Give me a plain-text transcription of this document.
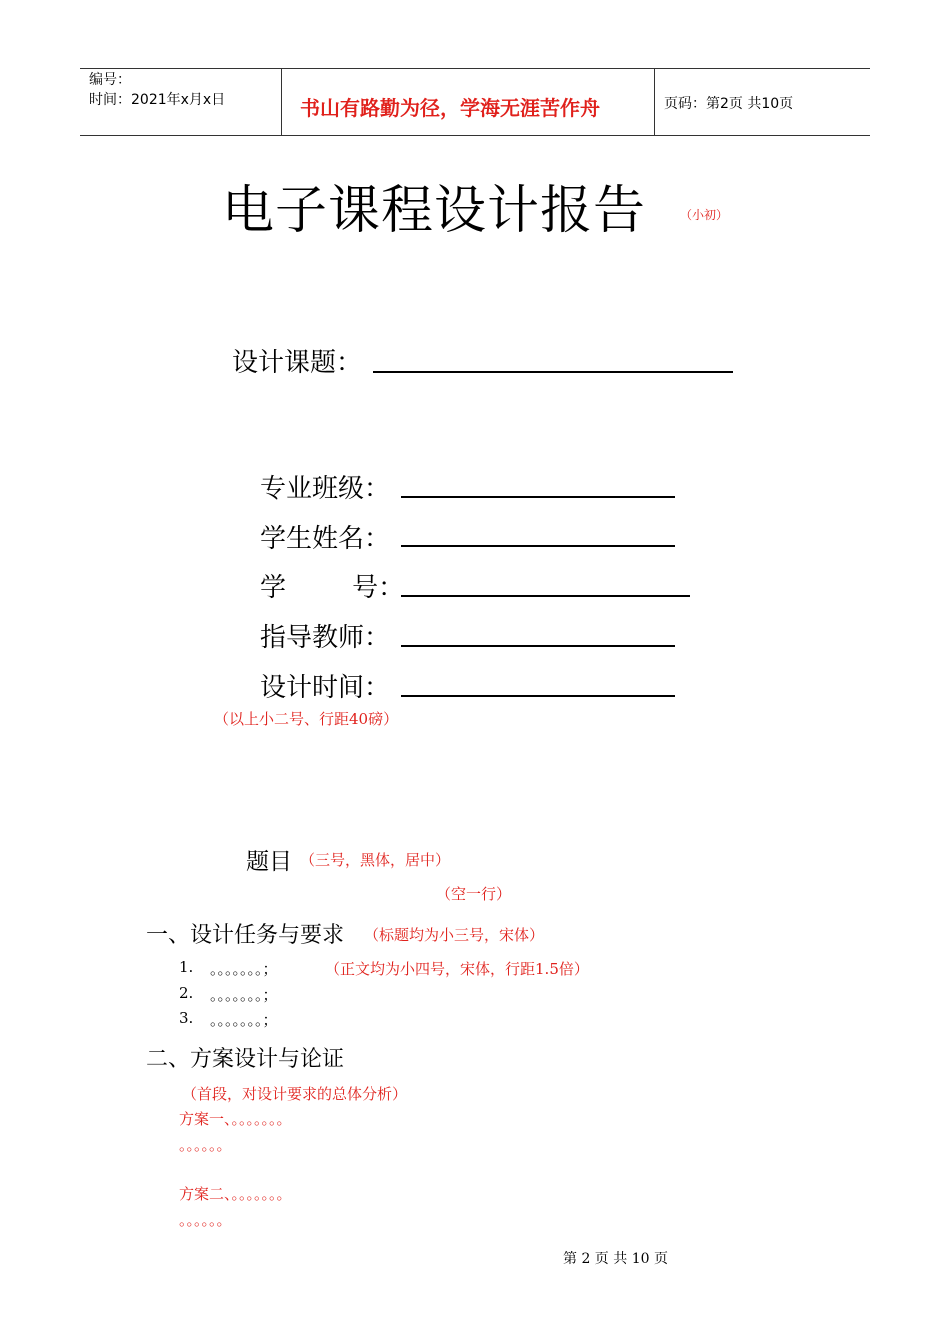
编号：
时间：2021年x月x日	书山有路勤为径，学海无涯苦作舟	页码：第2页 共10页
电子课程设计报告	（小初）
设计课题：
专业班级：
学生姓名：
学        号：
指导教师：
设计时间：
（以上小二号、行距40磅）
题目 （三号，黑体，居中）
（空一行）
一、设计任务与要求 （标题均为小三号，宋体）
1. 。。。。。。。；	（正文均为小四号，宋体，行距1.5倍）
2. 。。。。。。。；
3. 。。。。。。。；
二、方案设计与论证
（首段，对设计要求的总体分析）
方案一、。。。。。。。
。。。。。。
方案二、。。。。。。。
。。。。。。
第 2 页 共 10 页
